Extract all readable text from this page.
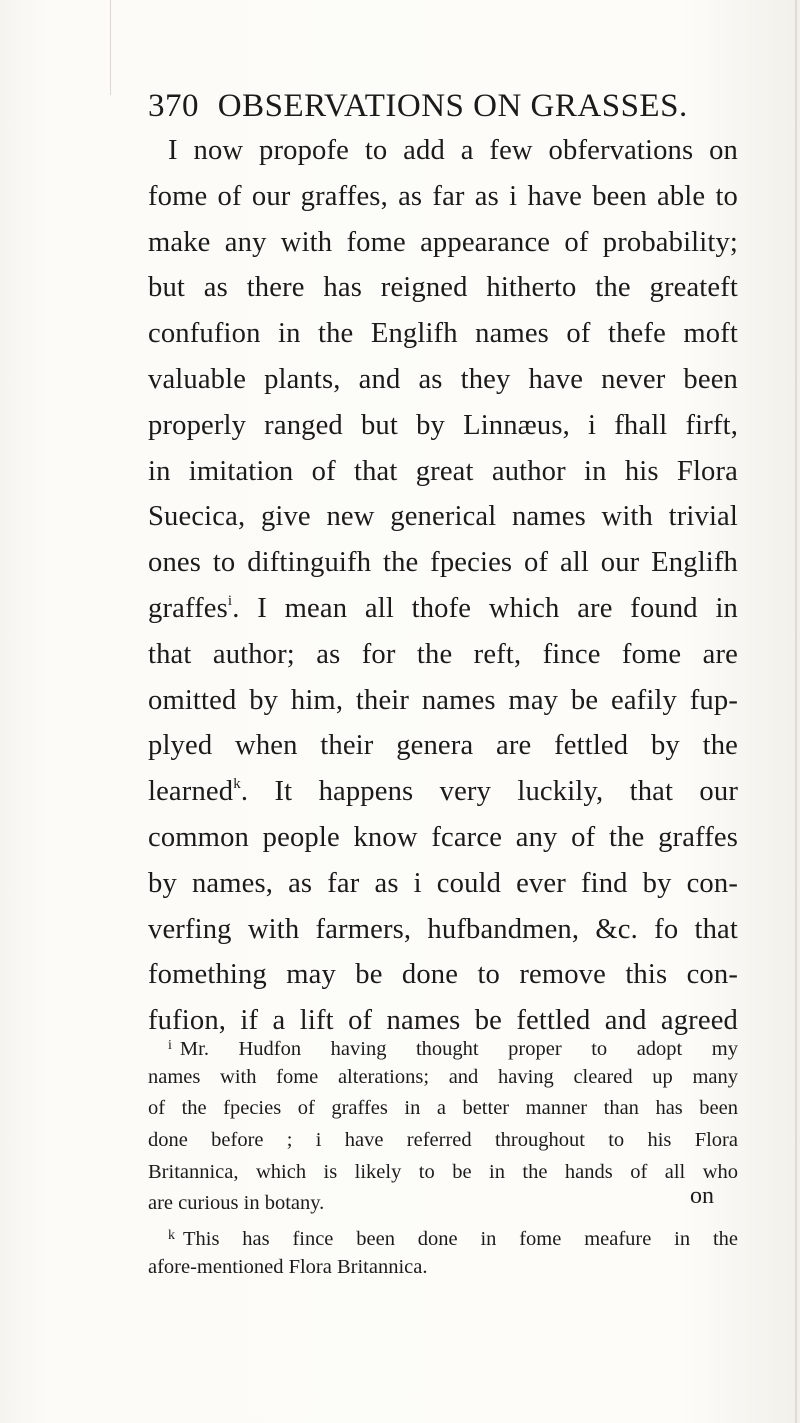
370 OBSERVATIONS ON GRASSES.
I now propofe to add a few obfervations on
fome of our graffes, as far as i have been able to
make any with fome appearance of probability;
but as there has reigned hitherto the greateft
confufion in the Englifh names of thefe moft
valuable plants, and as they have never been
properly ranged but by Linnæus, i fhall firft,
in imitation of that great author in his Flora
Suecica, give new generical names with trivial
ones to diftinguifh the fpecies of all our Englifh
graffes$^i$. I mean all thofe which are found in
that author; as for the reft, fince fome are
omitted by him, their names may be eafily fup-
plyed when their genera are fettled by the
learned$^k$. It happens very luckily, that our
common people know fcarce any of the graffes
by names, as far as i could ever find by con-
verfing with farmers, hufbandmen, &c. fo that
fomething may be done to remove this con-
fufion, if a lift of names be fettled and agreed
$^i$ Mr. Hudfon having thought proper to adopt my
names with fome alterations; and having cleared up many
of the fpecies of graffes in a better manner than has been
done before ; i have referred throughout to his Flora
Britannica, which is likely to be in the hands of all who
are curious in botany.
$^k$ This has fince been done in fome meafure in the
afore-mentioned Flora Britannica.
on
